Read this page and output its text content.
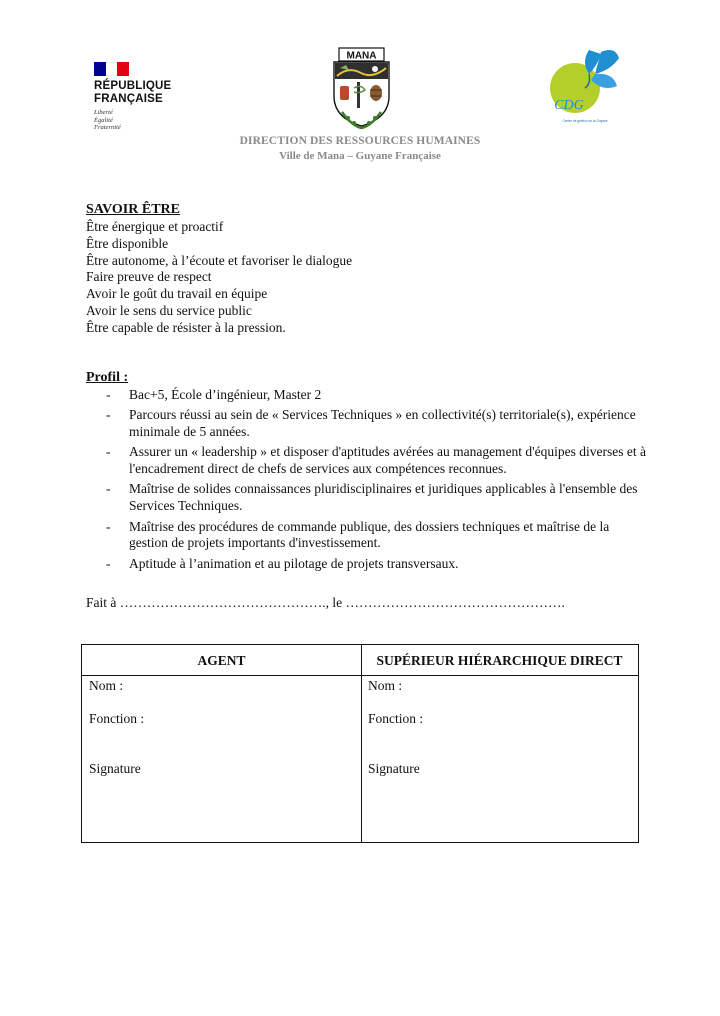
RÉPUBLIQUE
FRANÇAISE
Liberté
Égalité
Fraternité
MANA
CDG
Centre de gestion de la Guyane
DIRECTION DES RESSOURCES HUMAINES
Ville de Mana – Guyane Française
SAVOIR ÊTRE
Être énergique et proactif
Être disponible
Être autonome, à l’écoute et favoriser le dialogue
Faire preuve de respect
Avoir le goût du travail en équipe
Avoir le sens du service public
Être capable de résister à la pression.
Profil :
- Bac+5, École d’ingénieur, Master 2
- Parcours réussi au sein de « Services Techniques » en collectivité(s) territoriale(s), expérience minimale de 5 années.
- Assurer un « leadership » et disposer d'aptitudes avérées au management d'équipes diverses et à l'encadrement direct de chefs de services aux compétences reconnues.
- Maîtrise de solides connaissances pluridisciplinaires et juridiques applicables à l'ensemble des Services Techniques.
- Maîtrise des procédures de commande publique, des dossiers techniques et maîtrise de la gestion de projets importants d'investissement.
- Aptitude à l’animation et au pilotage de projets transversaux.
Fait à ………………………………………., le ………………………………………….
AGENT
Nom :
Fonction :
Signature
SUPÉRIEUR HIÉRARCHIQUE DIRECT
Nom :
Fonction :
Signature
